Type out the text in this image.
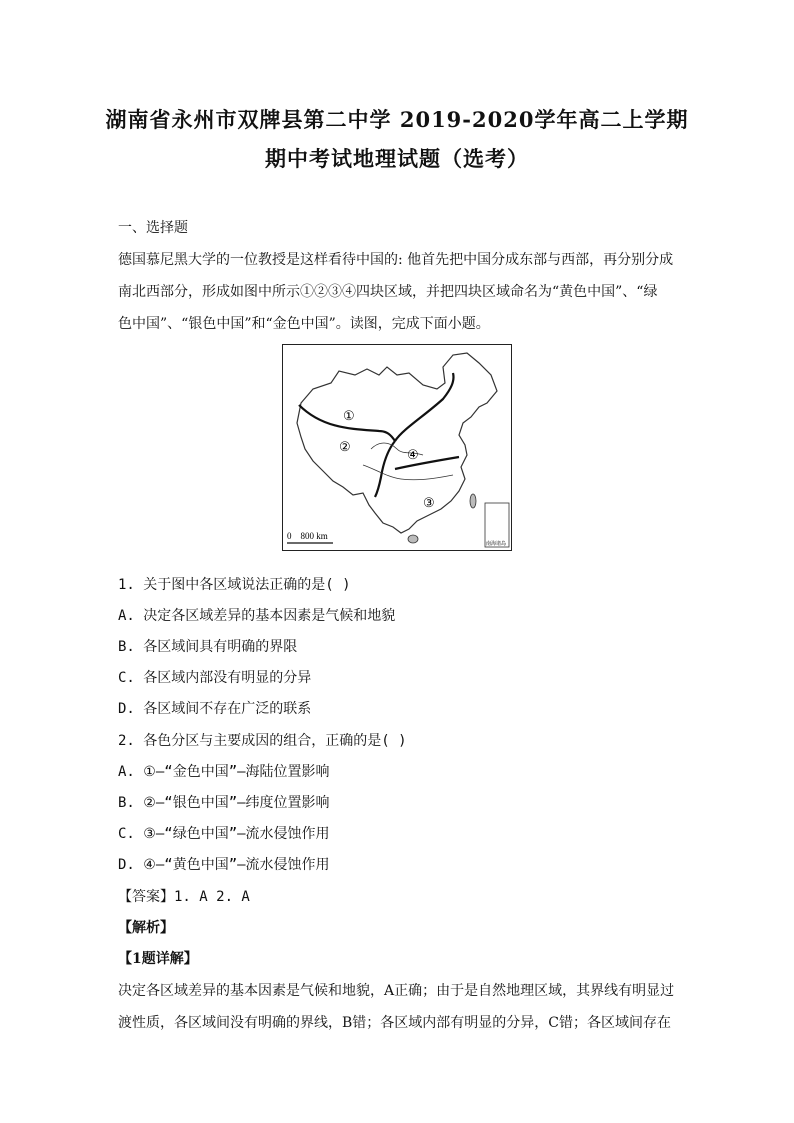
湖南省永州市双牌县第二中学 2019-2020学年高二上学期
期中考试地理试题（选考）
一、选择题
德国慕尼黑大学的一位教授是这样看待中国的: 他首先把中国分成东部与西部，再分别分成
南北西部分，形成如图中所示①②③④四块区域，并把四块区域命名为“黄色中国”、“绿
色中国”、“银色中国”和“金色中国”。读图，完成下面小题。
①
②
③
④
南海诸岛
0    800 km
1. 关于图中各区域说法正确的是( )
A. 决定各区域差异的基本因素是气候和地貌
B. 各区域间具有明确的界限
C. 各区域内部没有明显的分异
D. 各区域间不存在广泛的联系
2. 各色分区与主要成因的组合，正确的是( )
A. ①—“金色中国”—海陆位置影响
B. ②—“银色中国”—纬度位置影响
C. ③—“绿色中国”—流水侵蚀作用
D. ④—“黄色中国”—流水侵蚀作用
【答案】1. A 2. A
【解析】
【1题详解】
决定各区域差异的基本因素是气候和地貌，A正确；由于是自然地理区域，其界线有明显过
渡性质，各区域间没有明确的界线，B错；各区域内部有明显的分异，C错；各区域间存在
